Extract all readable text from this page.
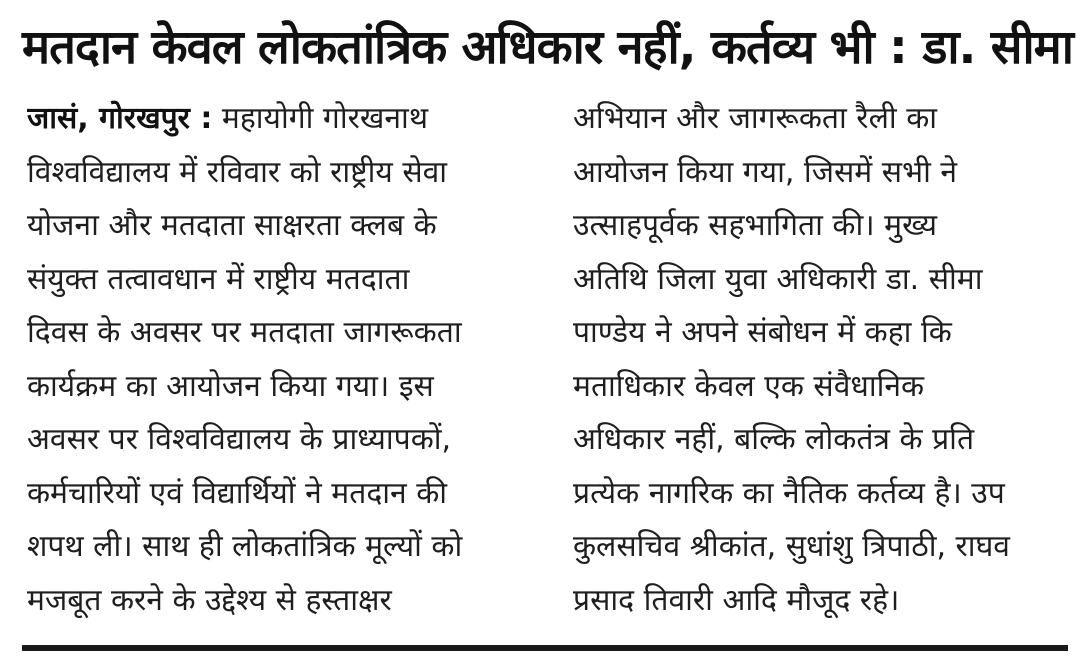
मतदान केवल लोकतांत्रिक अधिकार नहीं, कर्तव्य भी : डा. सीमा
जासं, गोरखपुर : महायोगी गोरखनाथ
विश्वविद्यालय में रविवार को राष्ट्रीय सेवा
योजना और मतदाता साक्षरता क्लब के
संयुक्त तत्वावधान में राष्ट्रीय मतदाता
दिवस के अवसर पर मतदाता जागरूकता
कार्यक्रम का आयोजन किया गया। इस
अवसर पर विश्वविद्यालय के प्राध्यापकों,
कर्मचारियों एवं विद्यार्थियों ने मतदान की
शपथ ली। साथ ही लोकतांत्रिक मूल्यों को
मजबूत करने के उद्देश्य से हस्ताक्षर
अभियान और जागरूकता रैली का
आयोजन किया गया, जिसमें सभी ने
उत्साहपूर्वक सहभागिता की। मुख्य
अतिथि जिला युवा अधिकारी डा. सीमा
पाण्डेय ने अपने संबोधन में कहा कि
मताधिकार केवल एक संवैधानिक
अधिकार नहीं, बल्कि लोकतंत्र के प्रति
प्रत्येक नागरिक का नैतिक कर्तव्य है। उप
कुलसचिव श्रीकांत, सुधांशु त्रिपाठी, राघव
प्रसाद तिवारी आदि मौजूद रहे।
